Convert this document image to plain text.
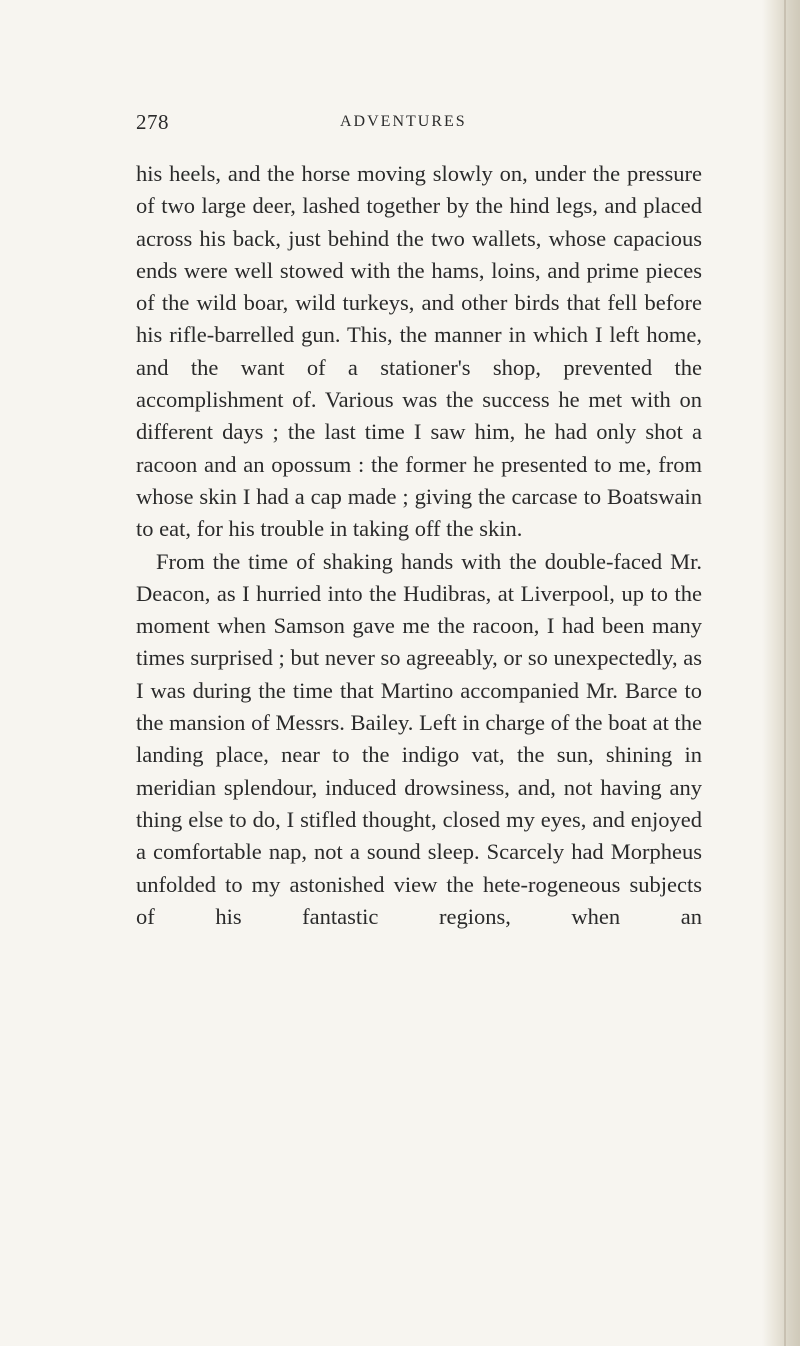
278	ADVENTURES

his heels, and the horse moving slowly on, under the pressure of two large deer, lashed together by the hind legs, and placed across his back, just behind the two wallets, whose capacious ends were well stowed with the hams, loins, and prime pieces of the wild boar, wild turkeys, and other birds that fell before his rifle-barrelled gun. This, the manner in which I left home, and the want of a stationer's shop, prevented the accomplishment of. Various was the success he met with on different days ; the last time I saw him, he had only shot a racoon and an opossum : the former he presented to me, from whose skin I had a cap made ; giving the carcase to Boatswain to eat, for his trouble in taking off the skin.

From the time of shaking hands with the double-faced Mr. Deacon, as I hurried into the Hudibras, at Liverpool, up to the moment when Samson gave me the racoon, I had been many times surprised ; but never so agreeably, or so unexpectedly, as I was during the time that Martino accompanied Mr. Barce to the mansion of Messrs. Bailey. Left in charge of the boat at the landing place, near to the indigo vat, the sun, shining in meridian splendour, induced drowsiness, and, not having any thing else to do, I stifled thought, closed my eyes, and enjoyed a comfortable nap, not a sound sleep. Scarcely had Morpheus unfolded to my astonished view the hete-rogeneous subjects of his fantastic regions, when an
